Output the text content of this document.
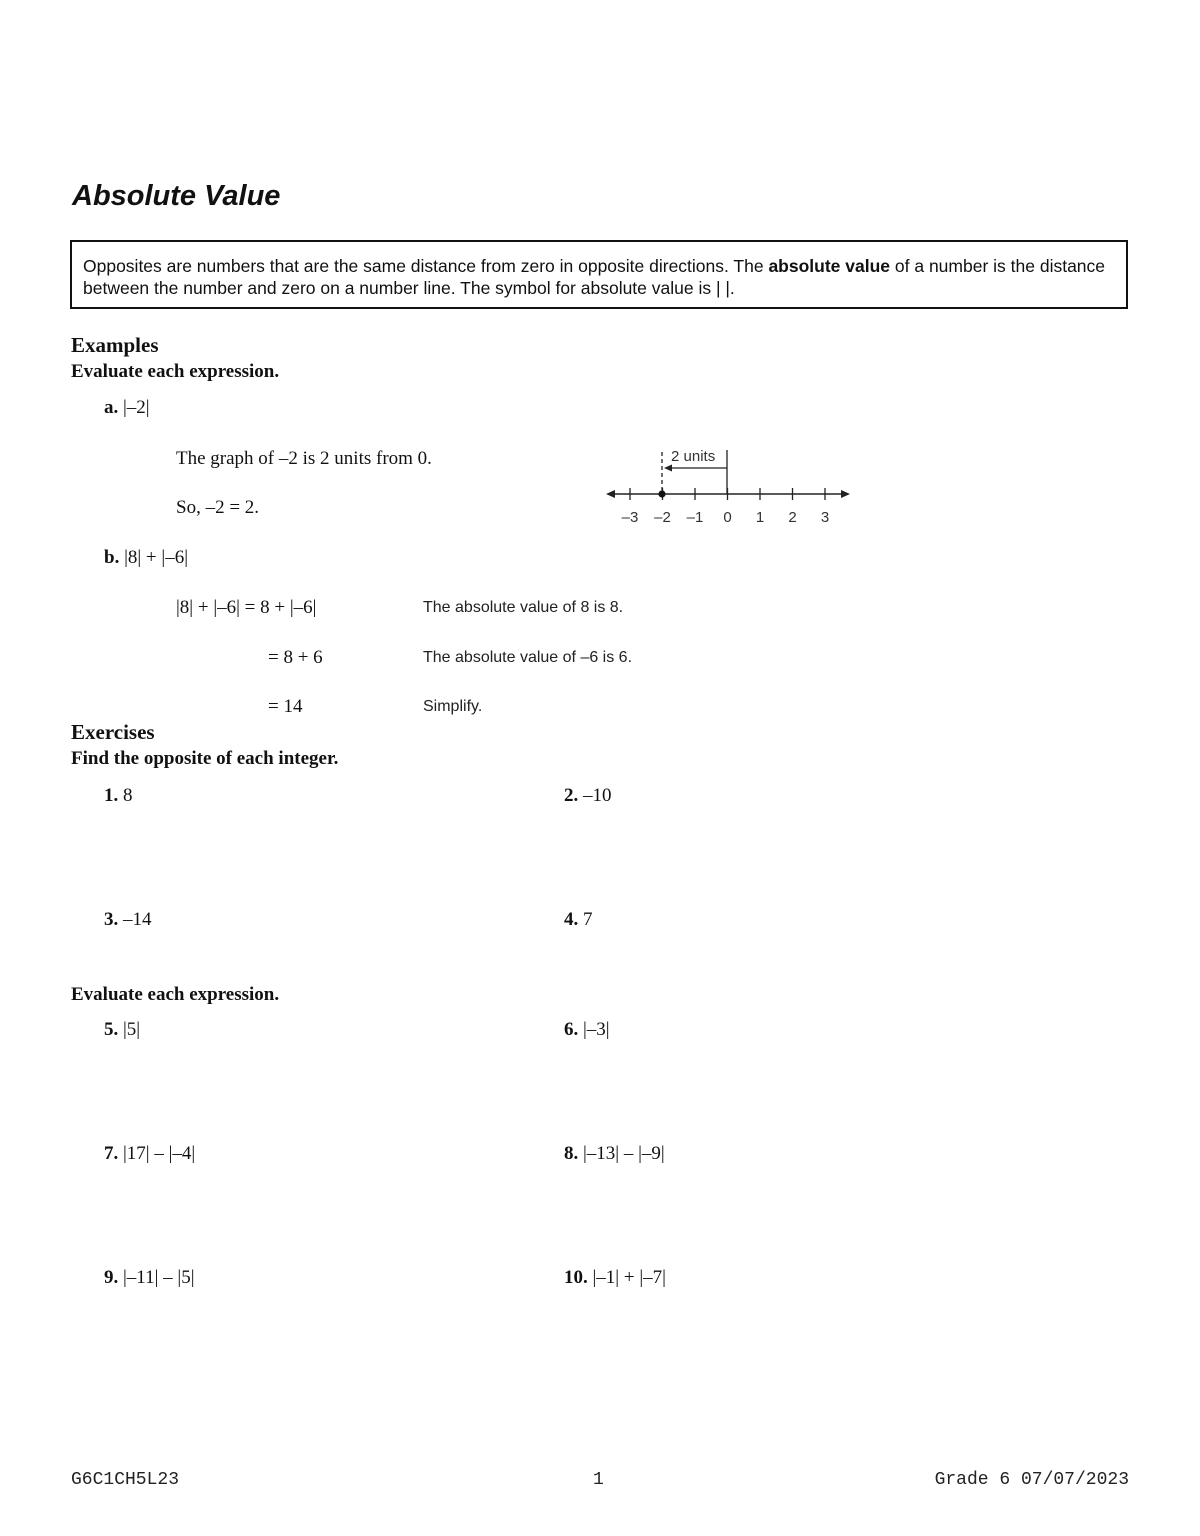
Absolute Value
Opposites are numbers that are the same distance from zero in opposite directions. The absolute value of a number is the distance between the number and zero on a number line. The symbol for absolute value is | |.
Examples
Evaluate each expression.
a. |–2|
The graph of –2 is 2 units from 0.
So, –2 = 2.	–3 –2 –1 0 1 2 3
2 units
b. |8| + |–6|
|8| + |–6| = 8 + |–6|	The absolute value of 8 is 8.
= 8 + 6	The absolute value of –6 is 6.
= 14	Simplify.
Exercises
Find the opposite of each integer.
1. 8	2. –10
3. –14	4. 7
Evaluate each expression.
5. |5|	6. |–3|
7. |17| – |–4|	8. |–13| – |–9|
9. |–11| – |5|	10. |–1| + |–7|
G6C1CH5L23	1	Grade 6 07/07/2023
